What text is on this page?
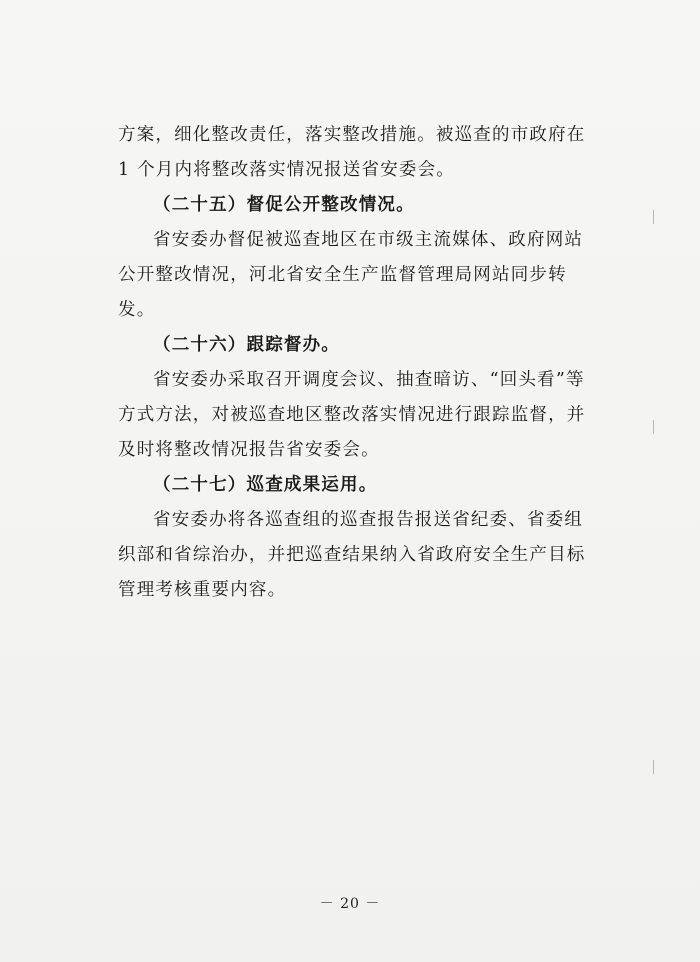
方案，细化整改责任，落实整改措施。被巡查的市政府在 1 个月内将整改落实情况报送省安委会。

（二十五）督促公开整改情况。

省安委办督促被巡查地区在市级主流媒体、政府网站公开整改情况，河北省安全生产监督管理局网站同步转发。

（二十六）跟踪督办。

省安委办采取召开调度会议、抽查暗访、“回头看”等方式方法，对被巡查地区整改落实情况进行跟踪监督，并及时将整改情况报告省安委会。

（二十七）巡查成果运用。

省安委办将各巡查组的巡查报告报送省纪委、省委组织部和省综治办，并把巡查结果纳入省政府安全生产目标管理考核重要内容。

－ 20 －
